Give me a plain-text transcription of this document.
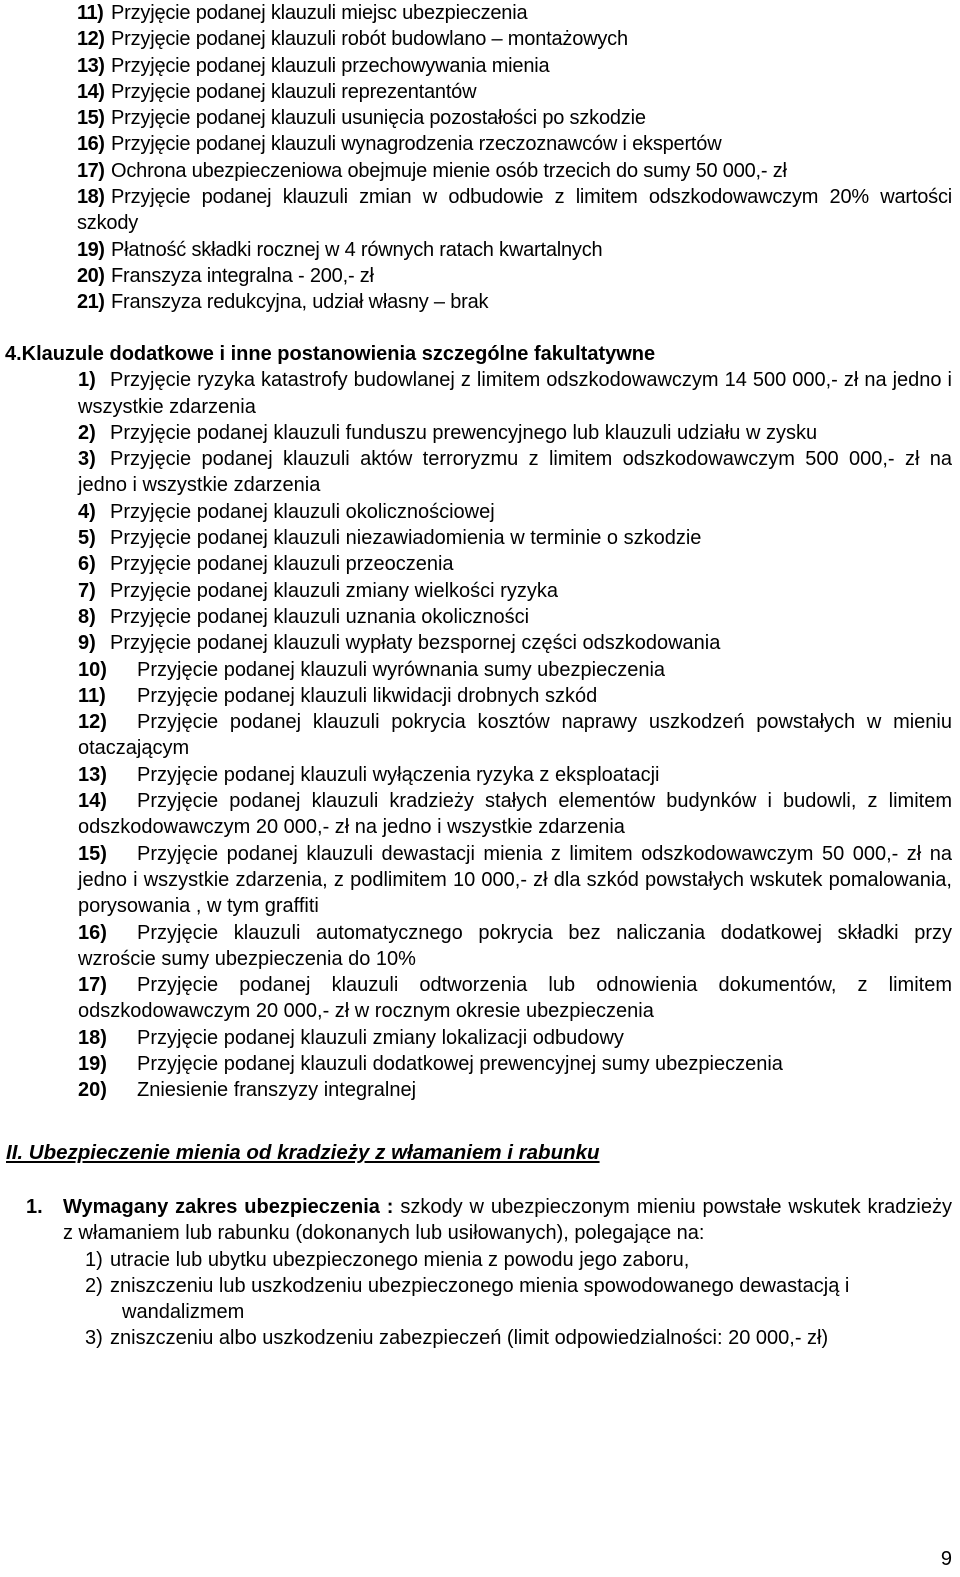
11) Przyjęcie podanej klauzuli miejsc ubezpieczenia
12) Przyjęcie podanej klauzuli robót budowlano – montażowych
13) Przyjęcie podanej klauzuli przechowywania mienia
14) Przyjęcie podanej klauzuli reprezentantów
15) Przyjęcie podanej klauzuli usunięcia pozostałości po szkodzie
16) Przyjęcie podanej klauzuli wynagrodzenia rzeczoznawców i ekspertów
17) Ochrona ubezpieczeniowa obejmuje mienie osób trzecich do sumy 50 000,- zł
18) Przyjęcie podanej klauzuli zmian w odbudowie z limitem odszkodowawczym 20% wartości szkody
19) Płatność składki rocznej w 4 równych ratach kwartalnych
20) Franszyza integralna - 200,- zł
21) Franszyza redukcyjna, udział własny – brak
4.Klauzule dodatkowe i inne postanowienia szczególne fakultatywne
1) Przyjęcie ryzyka katastrofy budowlanej z limitem odszkodowawczym 14 500 000,- zł na jedno i wszystkie zdarzenia
2) Przyjęcie podanej klauzuli funduszu prewencyjnego lub klauzuli udziału w zysku
3) Przyjęcie podanej klauzuli aktów terroryzmu z limitem odszkodowawczym 500 000,- zł na jedno i wszystkie zdarzenia
4) Przyjęcie podanej klauzuli okolicznościowej
5) Przyjęcie podanej klauzuli niezawiadomienia w terminie o szkodzie
6) Przyjęcie podanej klauzuli przeoczenia
7) Przyjęcie podanej klauzuli zmiany wielkości ryzyka
8) Przyjęcie podanej klauzuli uznania okoliczności
9) Przyjęcie podanej klauzuli wypłaty bezspornej części odszkodowania
10) Przyjęcie podanej klauzuli wyrównania sumy ubezpieczenia
11) Przyjęcie podanej klauzuli likwidacji drobnych szkód
12) Przyjęcie podanej klauzuli pokrycia kosztów naprawy uszkodzeń powstałych w mieniu otaczającym
13) Przyjęcie podanej klauzuli wyłączenia ryzyka z eksploatacji
14) Przyjęcie podanej klauzuli kradzieży stałych elementów budynków i budowli, z limitem odszkodowawczym 20 000,- zł na jedno i wszystkie zdarzenia
15) Przyjęcie podanej klauzuli dewastacji mienia z limitem odszkodowawczym 50 000,- zł na jedno i wszystkie zdarzenia, z podlimitem 10 000,- zł dla szkód powstałych wskutek pomalowania, porysowania , w tym graffiti
16) Przyjęcie klauzuli automatycznego pokrycia bez naliczania dodatkowej składki przy wzroście sumy ubezpieczenia do 10%
17) Przyjęcie podanej klauzuli odtworzenia lub odnowienia dokumentów, z limitem odszkodowawczym 20 000,- zł w rocznym okresie ubezpieczenia
18) Przyjęcie podanej klauzuli zmiany lokalizacji odbudowy
19) Przyjęcie podanej klauzuli dodatkowej prewencyjnej sumy ubezpieczenia
20) Zniesienie franszyzy integralnej
II. Ubezpieczenie mienia od kradzieży z włamaniem i rabunku
1. Wymagany zakres ubezpieczenia : szkody w ubezpieczonym mieniu powstałe wskutek kradzieży z włamaniem lub rabunku (dokonanych lub usiłowanych), polegające na:
1) utracie lub ubytku ubezpieczonego mienia z powodu jego zaboru,
2) zniszczeniu lub uszkodzeniu ubezpieczonego mienia spowodowanego dewastacją i wandalizmem
3) zniszczeniu albo uszkodzeniu zabezpieczeń (limit odpowiedzialności: 20 000,- zł)
9
